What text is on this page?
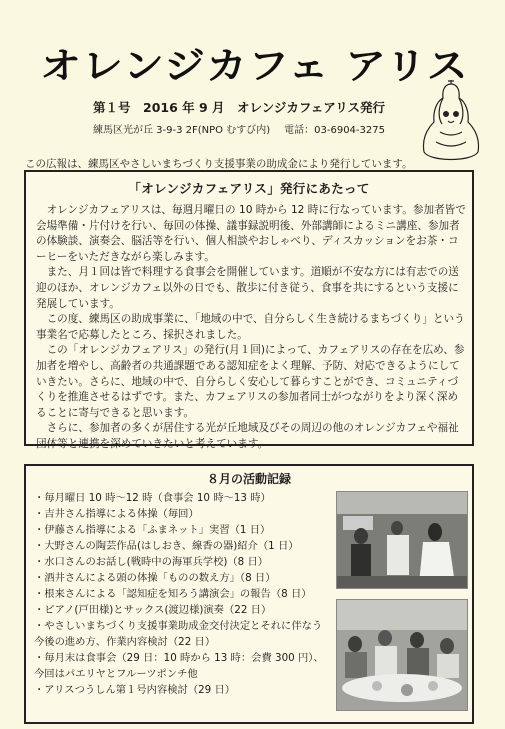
オレンジカフェ アリス
第１号　2016 年 9 月　オレンジカフェアリス発行
練馬区光が丘 3-9-3 2F(NPO むすび内) 電話：03-6904-3275
この広報は、練馬区やさしいまちづくり支援事業の助成金により発行しています。
「オレンジカフェアリス」発行にあたって

オレンジカフェアリスは、毎週月曜日の 10 時から 12 時に行なっています。参加者皆で会場準備・片付けを行い、毎回の体操、議事録説明後、外部講師によるミニ講座、参加者の体験談、演奏会、脳活等を行い、個人相談やおしゃべり、ディスカッションをお茶・コーヒーをいただきながら楽しみます。

また、月１回は皆で料理する食事会を開催しています。道順が不安な方には有志での送迎のほか、オレンジカフェ以外の日でも、散歩に付き従う、食事を共にするという支援に発展しています。

この度、練馬区の助成事業に、「地域の中で、自分らしく生き続けるまちづくり」という事業名で応募したところ、採択されました。

この「オレンジカフェアリス」の発行(月１回)によって、カフェアリスの存在を広め、参加者を増やし、高齢者の共通課題である認知症をよく理解、予防、対応できるようにしていきたい。さらに、地域の中で、自分らしく安心して暮らすことができ、コミュニティづくりを推進させるはずです。また、カフェアリスの参加者同士がつながりをより深く深めることに寄与できると思います。

さらに、参加者の多くが居住する光が丘地域及びその周辺の他のオレンジカフェや福祉団体等と連携を深めていきたいと考えています。

８月の活動記録
・毎月曜日 10 時〜12 時（食事会 10 時〜13 時）
・吉井さん指導による体操（毎回）
・伊藤さん指導による「ふまネット」実習（1 日）
・大野さんの陶芸作品(はしおき、線香の器)紹介（1 日）
・水口さんのお話し(戦時中の海軍兵学校)（8 日）
・酒井さんによる頭の体操「ものの数え方」（8 日）
・根来さんによる「認知症を知ろう講演会」の報告（8 日）
・ピアノ(戸田様)とサックス(渡辺様)演奏（22 日）
・やさしいまちづくり支援事業助成金交付決定とそれに伴なう今後の進め方、作業内容検討（22 日）
・毎月末は食事会（29 日：10 時から 13 時：会費 300 円）、今回はパエリヤとフルーツポンチ他
・アリスつうしん第１号内容検討（29 日）
